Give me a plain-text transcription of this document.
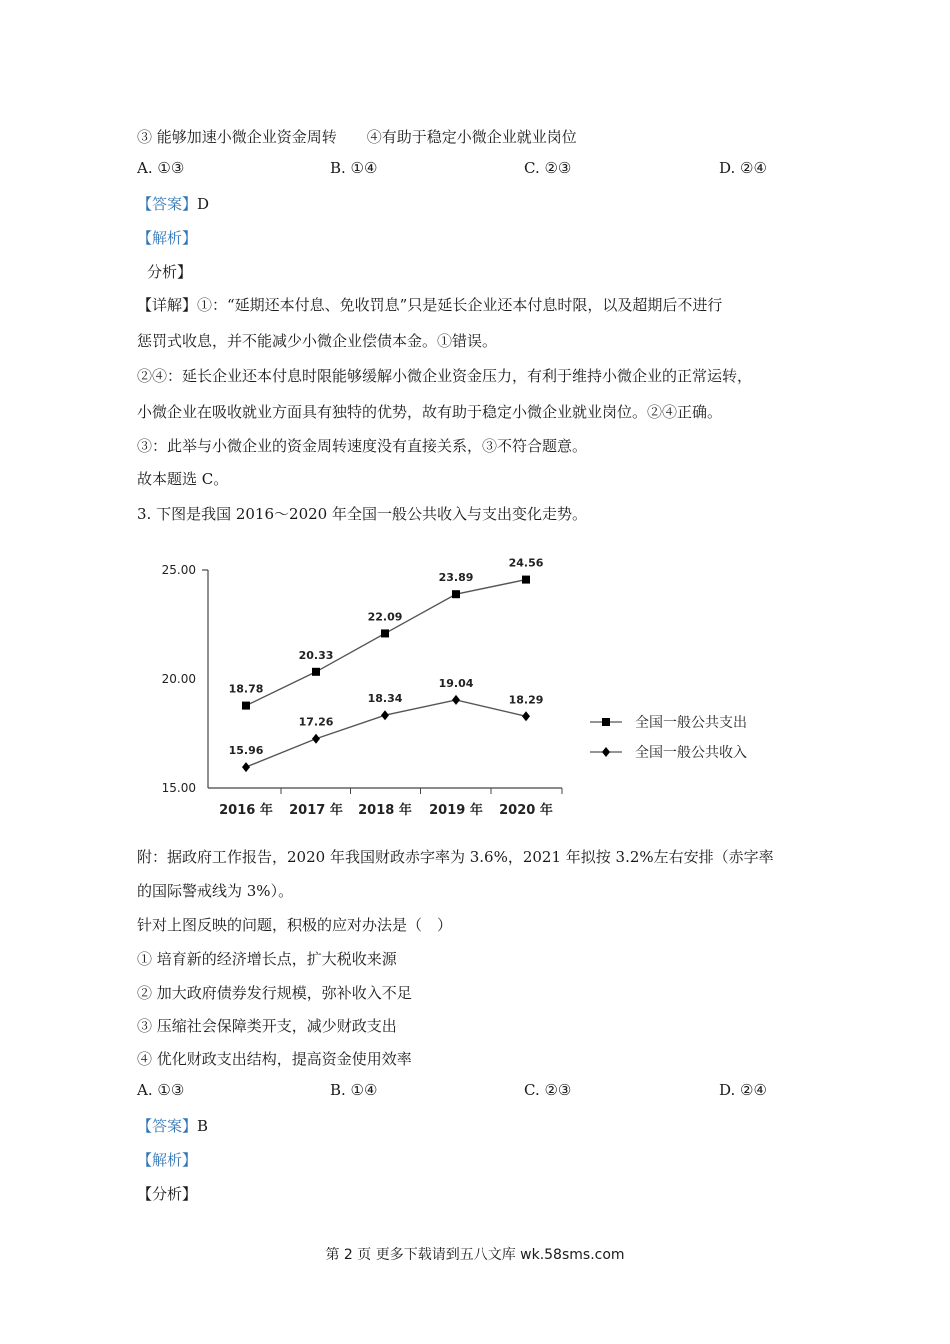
③ 能够加速小微企业资金周转　　④有助于稳定小微企业就业岗位
A. ①③	B. ①④	C. ②③	D. ②④
【答案】D
【解析】
分析】
【详解】①：“延期还本付息、免收罚息”只是延长企业还本付息时限，以及超期后不进行
惩罚式收息，并不能减少小微企业偿债本金。①错误。
②④：延长企业还本付息时限能够缓解小微企业资金压力，有利于维持小微企业的正常运转，
小微企业在吸收就业方面具有独特的优势，故有助于稳定小微企业就业岗位。②④正确。
③：此举与小微企业的资金周转速度没有直接关系，③不符合题意。
故本题选 C。
3. 下图是我国 2016～2020 年全国一般公共收入与支出变化走势。
15.00
20.00
25.00
2016 年 2017 年 2018 年 2019 年 2020 年
18.78
20.33
22.09
23.89
24.56
15.96
17.26
18.34
19.04
18.29
全国一般公共支出
全国一般公共收入
附：据政府工作报告，2020 年我国财政赤字率为 3.6%，2021 年拟按 3.2%左右安排（赤字率
的国际警戒线为 3%）。
针对上图反映的问题，积极的应对办法是（　）
① 培育新的经济增长点，扩大税收来源
② 加大政府债券发行规模，弥补收入不足
③ 压缩社会保障类开支，减少财政支出
④ 优化财政支出结构，提高资金使用效率
A. ①③	B. ①④	C. ②③	D. ②④
【答案】B
【解析】
【分析】
第 2 页 更多下载请到五八文库 wk.58sms.com
